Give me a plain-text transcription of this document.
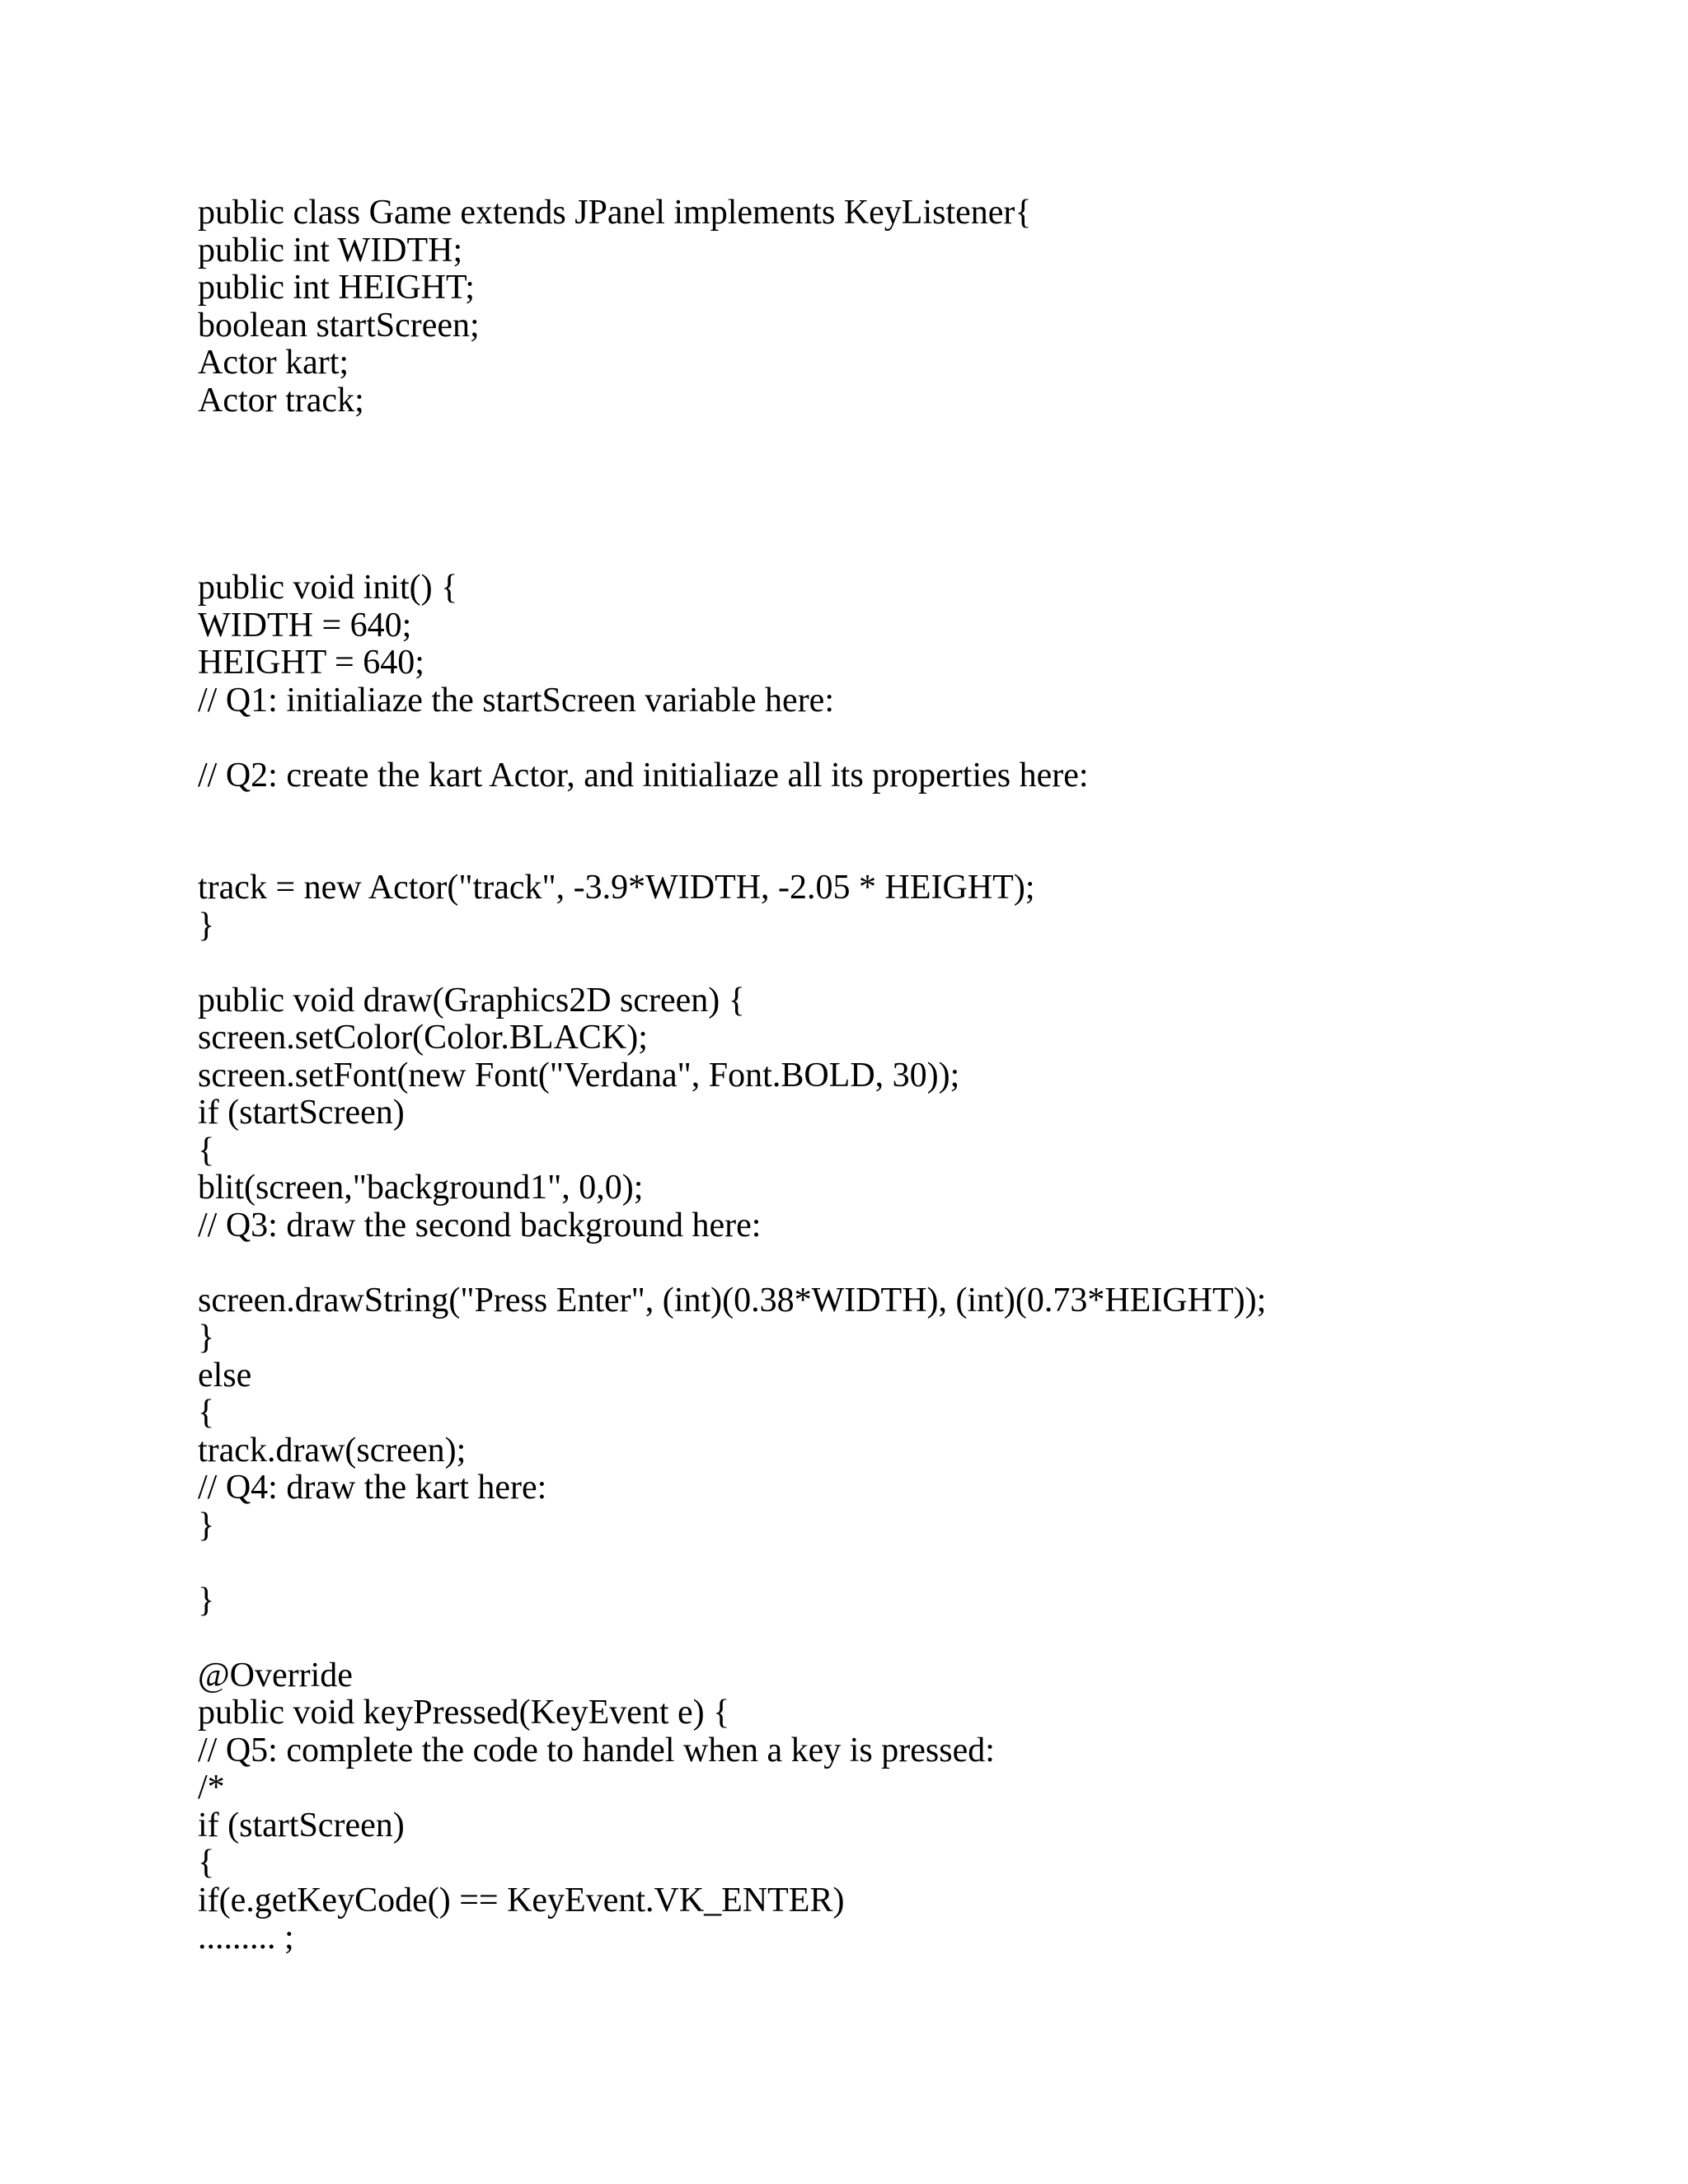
public class Game extends JPanel implements KeyListener{
public int WIDTH;
public int HEIGHT;
boolean startScreen;
Actor kart;
Actor track;
public void init() {
WIDTH = 640;
HEIGHT = 640;
// Q1: initialiaze the startScreen variable here:
// Q2: create the kart Actor, and initialiaze all its properties here:
track = new Actor("track", -3.9*WIDTH, -2.05 * HEIGHT);
}
public void draw(Graphics2D screen) {
screen.setColor(Color.BLACK);
screen.setFont(new Font("Verdana", Font.BOLD, 30));
if (startScreen)
{
blit(screen,"background1", 0,0);
// Q3: draw the second background here:
screen.drawString("Press Enter", (int)(0.38*WIDTH), (int)(0.73*HEIGHT));
}
else
{
track.draw(screen);
// Q4: draw the kart here:
}
}
@Override
public void keyPressed(KeyEvent e) {
// Q5: complete the code to handel when a key is pressed:
/*
if (startScreen)
{
if(e.getKeyCode() == KeyEvent.VK_ENTER)
......... ;
